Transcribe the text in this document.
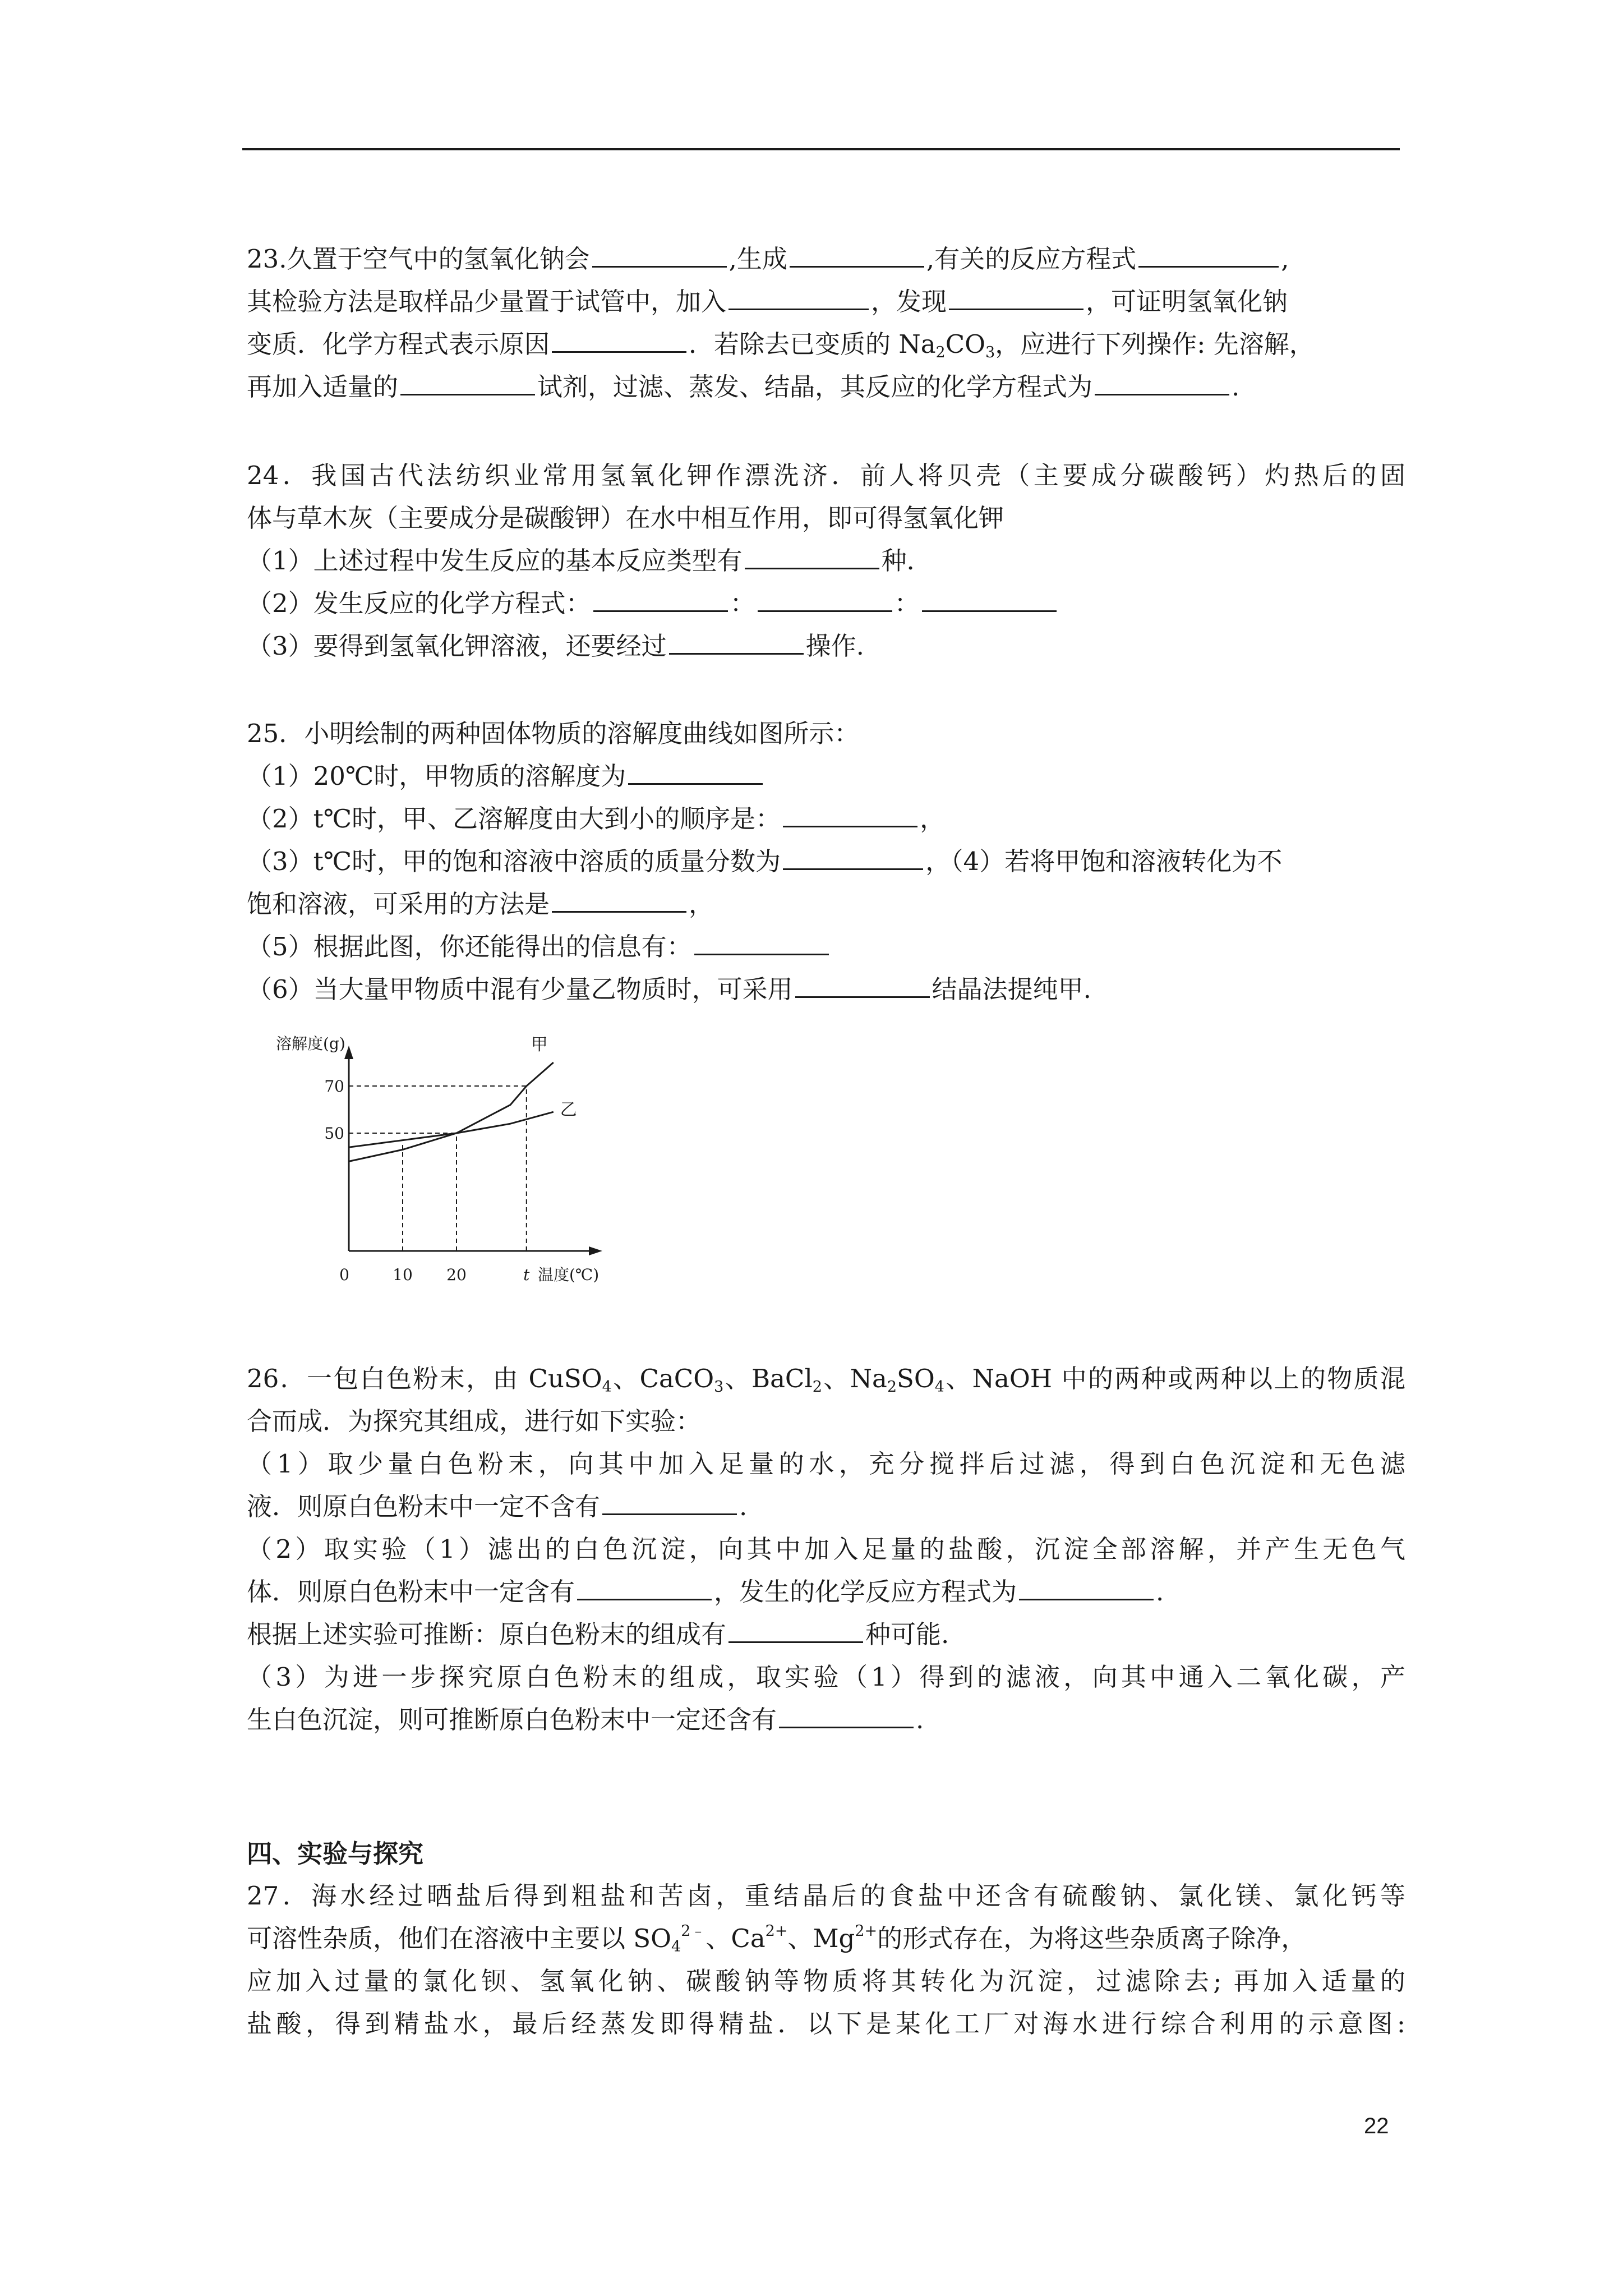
23.久置于空气中的氢氧化钠会	,生成	,有关的反应方程式	,
其检验方法是取样品少量置于试管中，加入	，发现	，可证明氢氧化钠
变质．化学方程式表示原因	．若除去已变质的 $Na_2CO_3$，应进行下列操作: 先溶解，
再加入适量的	试剂，过滤、蒸发、结晶，其反应的化学方程式为	.
24．我国古代法纺织业常用氢氧化钾作漂洗济．前人将贝壳（主要成分碳酸钙）灼热后的固
体与草木灰（主要成分是碳酸钾）在水中相互作用，即可得氢氧化钾
（1）上述过程中发生反应的基本反应类型有	种．
（2）发生反应的化学方程式：	：	：
（3）要得到氢氧化钾溶液，还要经过	操作.
25．小明绘制的两种固体物质的溶解度曲线如图所示：
（1）20℃时，甲物质的溶解度为
（2）t℃时，甲、乙溶解度由大到小的顺序是：	，
（3）t℃时，甲的饱和溶液中溶质的质量分数为	，（4）若将甲饱和溶液转化为不
饱和溶液，可采用的方法是	，
（5）根据此图，你还能得出的信息有：
（6）当大量甲物质中混有少量乙物质时，可采用	结晶法提纯甲.
溶解度(g)
温度(℃)
0	10 20	t
50
70
甲
乙
26．一包白色粉末，由 CuSO$_4$、CaCO$_3$、BaCl$_2$、$Na_2SO_4$、NaOH 中的两种或两种以上的物质混
合而成．为探究其组成，进行如下实验：
（1）取少量白色粉末，向其中加入足量的水，充分搅拌后过滤，得到白色沉淀和无色滤
液．则原白色粉末中一定不含有	.
（2）取实验（1）滤出的白色沉淀，向其中加入足量的盐酸，沉淀全部溶解，并产生无色气
体．则原白色粉末中一定含有	，发生的化学反应方程式为	.
根据上述实验可推断：原白色粉末的组成有	种可能.
（3）为进一步探究原白色粉末的组成，取实验（1）得到的滤液，向其中通入二氧化碳，产
生白色沉淀，则可推断原白色粉末中一定还含有	.
四、实验与探究
27．海水经过晒盐后得到粗盐和苦卤，重结晶后的食盐中还含有硫酸钠、氯化镁、氯化钙等
可溶性杂质，他们在溶液中主要以 $SO_4^{2﹣}$、$Ca^{2+}$、$Mg^{2+}$的形式存在，为将这些杂质离子除净，
应加入过量的氯化钡、氢氧化钠、碳酸钠等物质将其转化为沉淀，过滤除去; 再加入适量的
盐酸，得到精盐水，最后经蒸发即得精盐．以下是某化工厂对海水进行综合利用的示意图:
22
